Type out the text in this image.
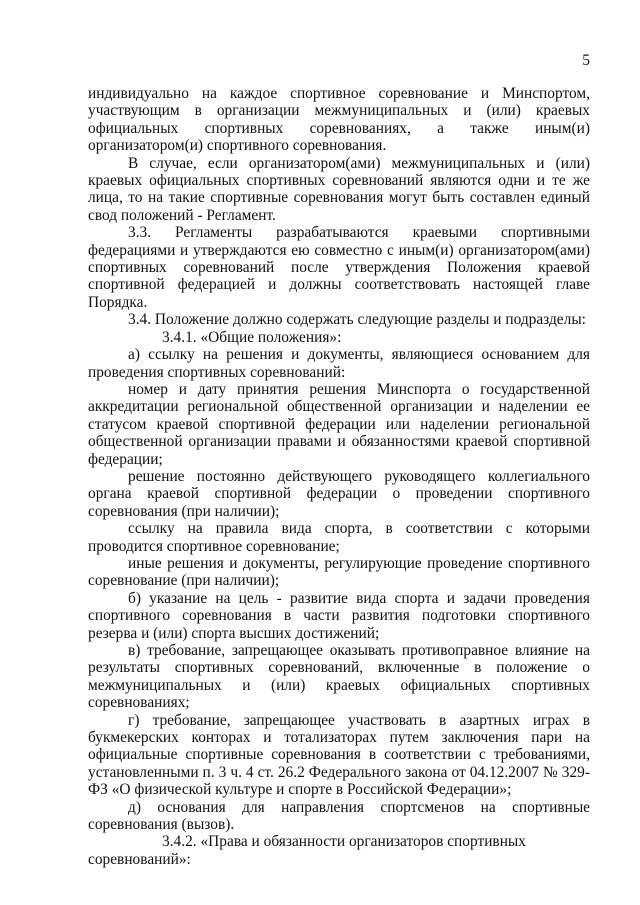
5

индивидуально на каждое спортивное соревнование и Минспортом, участвующим в организации межмуниципальных и (или) краевых официальных спортивных соревнованиях, а также иным(и) организатором(и) спортивного соревнования.

В случае, если организатором(ами) межмуниципальных и (или) краевых официальных спортивных соревнований являются одни и те же лица, то на такие спортивные соревнования могут быть составлен единый свод положений - Регламент.

3.3. Регламенты разрабатываются краевыми спортивными федерациями и утверждаются ею совместно с иным(и) организатором(ами) спортивных соревнований после утверждения Положения краевой спортивной федерацией и должны соответствовать настоящей главе Порядка.

3.4. Положение должно содержать следующие разделы и подразделы:

3.4.1. «Общие положения»:

а) ссылку на решения и документы, являющиеся основанием для проведения спортивных соревнований:

номер и дату принятия решения Минспорта о государственной аккредитации региональной общественной организации и наделении ее статусом краевой спортивной федерации или наделении региональной общественной организации правами и обязанностями краевой спортивной федерации;

решение постоянно действующего руководящего коллегиального органа краевой спортивной федерации о проведении спортивного соревнования (при наличии);

ссылку на правила вида спорта, в соответствии с которыми проводится спортивное соревнование;

иные решения и документы, регулирующие проведение спортивного соревнование (при наличии);

б) указание на цель - развитие вида спорта и задачи проведения спортивного соревнования в части развития подготовки спортивного резерва и (или) спорта высших достижений;

в) требование, запрещающее оказывать противоправное влияние на результаты спортивных соревнований, включенные в положение о межмуниципальных и (или) краевых официальных спортивных соревнованиях;

г) требование, запрещающее участвовать в азартных играх в букмекерских конторах и тотализаторах путем заключения пари на официальные спортивные соревнования в соответствии с требованиями, установленными п. 3 ч. 4 ст. 26.2 Федерального закона от 04.12.2007 № 329-ФЗ «О физической культуре и спорте в Российской Федерации»;

д) основания для направления спортсменов на спортивные соревнования (вызов).

3.4.2. «Права и обязанности организаторов спортивных соревнований»:
